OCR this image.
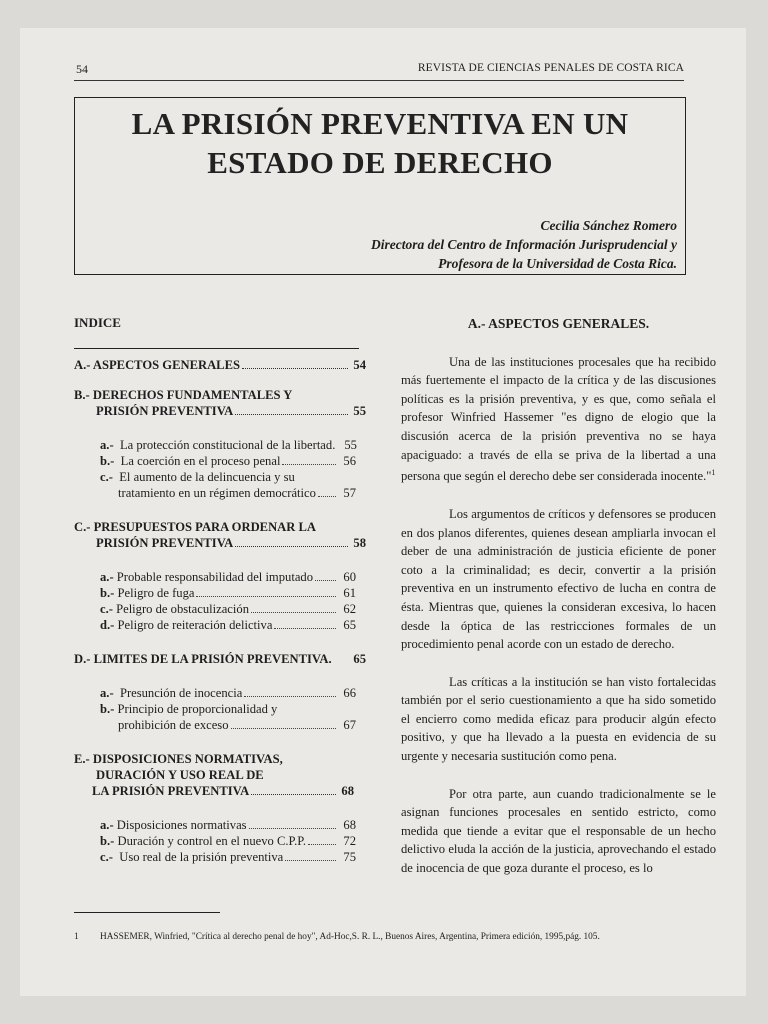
54	REVISTA DE CIENCIAS PENALES DE COSTA RICA
LA PRISIÓN PREVENTIVA EN UN
ESTADO DE DERECHO
Cecilia Sánchez Romero
Directora del Centro de Información Jurisprudencial y
Profesora de la Universidad de Costa Rica.
INDICE
A.- ASPECTOS GENERALES	54
B.- DERECHOS FUNDAMENTALES Y
PRISIÓN PREVENTIVA	55
a.- La protección constitucional de la libertad. 55
b.- La coerción en el proceso penal	56
c.- El aumento de la delincuencia y su
tratamiento en un régimen democrático	57
C.- PRESUPUESTOS PARA ORDENAR LA
PRISIÓN PREVENTIVA	58
a.- Probable responsabilidad del imputado	60
b.- Peligro de fuga	61
c.- Peligro de obstaculización	62
d.- Peligro de reiteración delictiva	65
D.- LIMITES DE LA PRISIÓN PREVENTIVA. 65
a.- Presunción de inocencia	66
b.- Principio de proporcionalidad y
prohibición de exceso	67
E.- DISPOSICIONES NORMATIVAS,
DURACIÓN Y USO REAL DE
LA PRISIÓN PREVENTIVA	68
a.- Disposiciones normativas	68
b.- Duración y control en el nuevo C.P.P.	72
c.- Uso real de la prisión preventiva	75
A.- ASPECTOS GENERALES.

Una de las instituciones procesales que ha recibido más fuertemente el impacto de la crítica y de las discusiones políticas es la prisión preventiva, y es que, como señala el profesor Winfried Hassemer "es digno de elogio que la discusión acerca de la prisión preventiva no se haya apaciguado: a través de ella se priva de la libertad a una persona que según el derecho debe ser considerada inocente."$^1$

Los argumentos de críticos y defensores se producen en dos planos diferentes, quienes desean ampliarla invocan el deber de una administración de justicia eficiente de poner coto a la criminalidad; es decir, convertir a la prisión preventiva en un instrumento efectivo de lucha en contra de ésta. Mientras que, quienes la consideran excesiva, lo hacen desde la óptica de las restricciones formales de un procedimiento penal acorde con un estado de derecho.

Las críticas a la institución se han visto fortalecidas también por el serio cuestionamiento a que ha sido sometido el encierro como medida eficaz para producir algún efecto positivo, y que ha llevado a la puesta en evidencia de su urgente y necesaria sustitución como pena.

Por otra parte, aun cuando tradicionalmente se le asignan funciones procesales en sentido estricto, como medida que tiende a evitar que el responsable de un hecho delictivo eluda la acción de la justicia, aprovechando el estado de inocencia de que goza durante el proceso, es lo

1 HASSEMER, Winfried, "Crítica al derecho penal de hoy", Ad-Hoc,S. R. L., Buenos Aires, Argentina, Primera edición, 1995,pág. 105.
